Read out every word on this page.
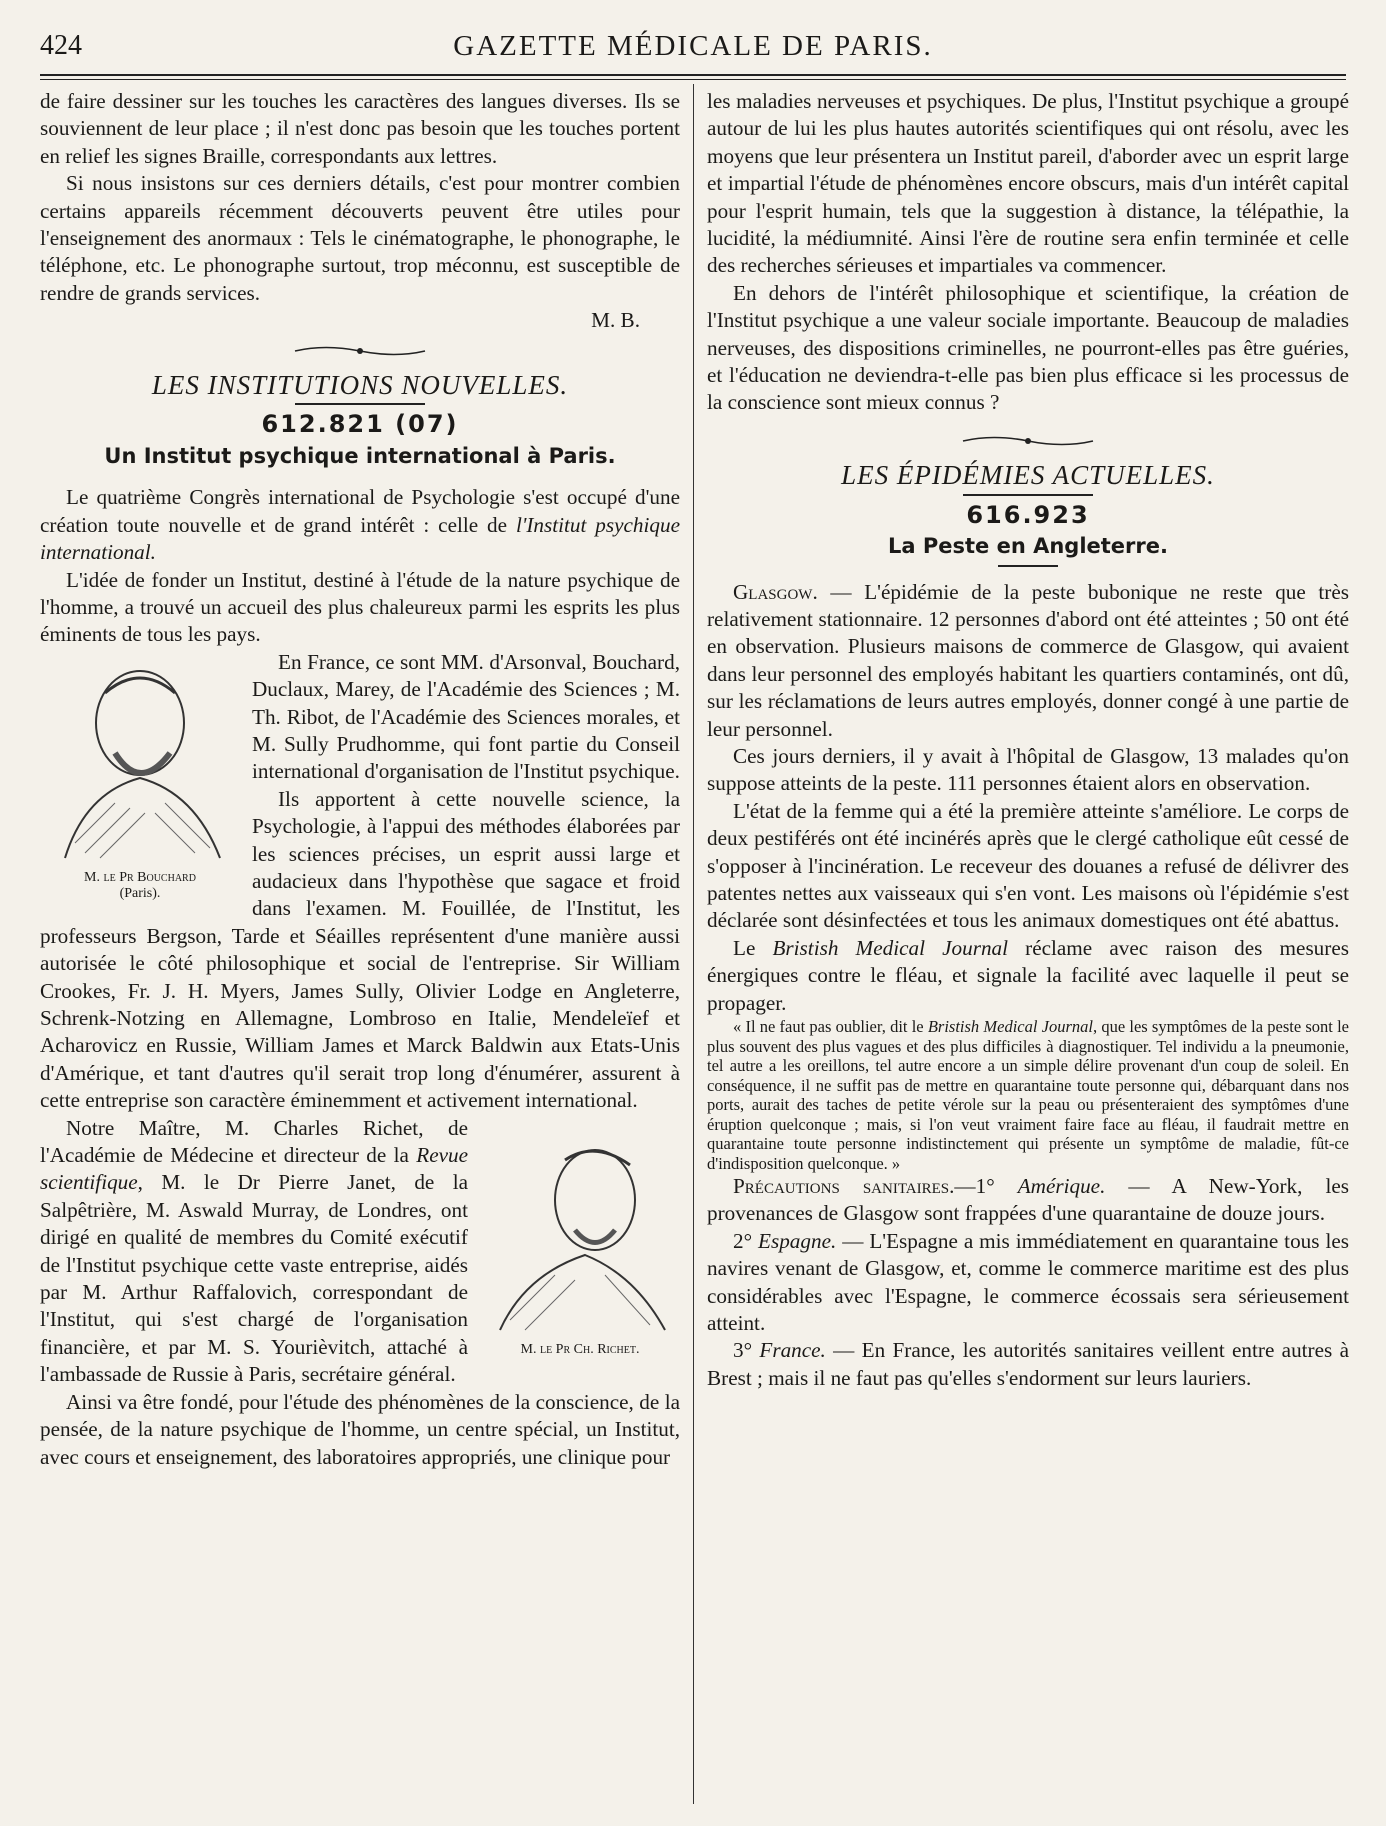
424	GAZETTE MÉDICALE DE PARIS.

de faire dessiner sur les touches les caractères des langues diverses. Ils se souviennent de leur place ; il n'est donc pas besoin que les touches portent en relief les signes Braille, correspondants aux lettres.

Si nous insistons sur ces derniers détails, c'est pour montrer combien certains appareils récemment découverts peuvent être utiles pour l'enseignement des anormaux : Tels le cinématographe, le phonographe, le téléphone, etc. Le phonographe surtout, trop méconnu, est susceptible de rendre de grands services.

M. B.
LES INSTITUTIONS NOUVELLES.
612.821 (07)
Un Institut psychique international à Paris.

Le quatrième Congrès international de Psychologie s'est occupé d'une création toute nouvelle et de grand intérêt : celle de l'Institut psychique international.

L'idée de fonder un Institut, destiné à l'étude de la nature psychique de l'homme, a trouvé un accueil des plus chaleureux parmi les esprits les plus éminents de tous les pays.

M. le Pr Bouchard
(Paris).

En France, ce sont MM. d'Arsonval, Bouchard, Duclaux, Marey, de l'Académie des Sciences ; M. Th. Ribot, de l'Académie des Sciences morales, et M. Sully Prudhomme, qui font partie du Conseil international d'organisation de l'Institut psychique.

Ils apportent à cette nouvelle science, la Psychologie, à l'appui des méthodes élaborées par les sciences précises, un esprit aussi large et audacieux dans l'hypothèse que sagace et froid dans l'examen. M. Fouillée, de l'Institut, les professeurs Bergson, Tarde et Séailles représentent d'une manière aussi autorisée le côté philosophique et social de l'entreprise. Sir William Crookes, Fr. J. H. Myers, James Sully, Olivier Lodge en Angleterre, Schrenk-Notzing en Allemagne, Lombroso en Italie, Mendeleïef et Acharovicz en Russie, William James et Marck Baldwin aux Etats-Unis d'Amérique, et tant d'autres qu'il serait trop long d'énumérer, assurent à cette entreprise son caractère éminemment et activement international.

M. le Pr Ch. Richet.

Notre Maître, M. Charles Richet, de l'Académie de Médecine et directeur de la Revue scientifique, M. le Dr Pierre Janet, de la Salpêtrière, M. Aswald Murray, de Londres, ont dirigé en qualité de membres du Comité exécutif de l'Institut psychique cette vaste entreprise, aidés par M. Arthur Raffalovich, correspondant de l'Institut, qui s'est chargé de l'organisation financière, et par M. S. Yourièvitch, attaché à l'ambassade de Russie à Paris, secrétaire général.

Ainsi va être fondé, pour l'étude des phénomènes de la conscience, de la pensée, de la nature psychique de l'homme, un centre spécial, un Institut, avec cours et enseignement, des laboratoires appropriés, une clinique pour

les maladies nerveuses et psychiques. De plus, l'Institut psychique a groupé autour de lui les plus hautes autorités scientifiques qui ont résolu, avec les moyens que leur présentera un Institut pareil, d'aborder avec un esprit large et impartial l'étude de phénomènes encore obscurs, mais d'un intérêt capital pour l'esprit humain, tels que la suggestion à distance, la télépathie, la lucidité, la médiumnité. Ainsi l'ère de routine sera enfin terminée et celle des recherches sérieuses et impartiales va commencer.

En dehors de l'intérêt philosophique et scientifique, la création de l'Institut psychique a une valeur sociale importante. Beaucoup de maladies nerveuses, des dispositions criminelles, ne pourront-elles pas être guéries, et l'éducation ne deviendra-t-elle pas bien plus efficace si les processus de la conscience sont mieux connus ?

LES ÉPIDÉMIES ACTUELLES.
616.923
La Peste en Angleterre.

Glasgow. — L'épidémie de la peste bubonique ne reste que très relativement stationnaire. 12 personnes d'abord ont été atteintes ; 50 ont été en observation. Plusieurs maisons de commerce de Glasgow, qui avaient dans leur personnel des employés habitant les quartiers contaminés, ont dû, sur les réclamations de leurs autres employés, donner congé à une partie de leur personnel.

Ces jours derniers, il y avait à l'hôpital de Glasgow, 13 malades qu'on suppose atteints de la peste. 111 personnes étaient alors en observation.

L'état de la femme qui a été la première atteinte s'améliore. Le corps de deux pestiférés ont été incinérés après que le clergé catholique eût cessé de s'opposer à l'incinération. Le receveur des douanes a refusé de délivrer des patentes nettes aux vaisseaux qui s'en vont. Les maisons où l'épidémie s'est déclarée sont désinfectées et tous les animaux domestiques ont été abattus.

Le Bristish Medical Journal réclame avec raison des mesures énergiques contre le fléau, et signale la facilité avec laquelle il peut se propager.

« Il ne faut pas oublier, dit le Bristish Medical Journal, que les symptômes de la peste sont le plus souvent des plus vagues et des plus difficiles à diagnostiquer. Tel individu a la pneumonie, tel autre a les oreillons, tel autre encore a un simple délire provenant d'un coup de soleil. En conséquence, il ne suffit pas de mettre en quarantaine toute personne qui, débarquant dans nos ports, aurait des taches de petite vérole sur la peau ou présenteraient des symptômes d'une éruption quelconque ; mais, si l'on veut vraiment faire face au fléau, il faudrait mettre en quarantaine toute personne indistinctement qui présente un symptôme de maladie, fût-ce d'indisposition quelconque. »

Précautions sanitaires.—1° Amérique. — A New-York, les provenances de Glasgow sont frappées d'une quarantaine de douze jours.

2° Espagne. — L'Espagne a mis immédiatement en quarantaine tous les navires venant de Glasgow, et, comme le commerce maritime est des plus considérables avec l'Espagne, le commerce écossais sera sérieusement atteint.

3° France. — En France, les autorités sanitaires veillent entre autres à Brest ; mais il ne faut pas qu'elles s'endorment sur leurs lauriers.
